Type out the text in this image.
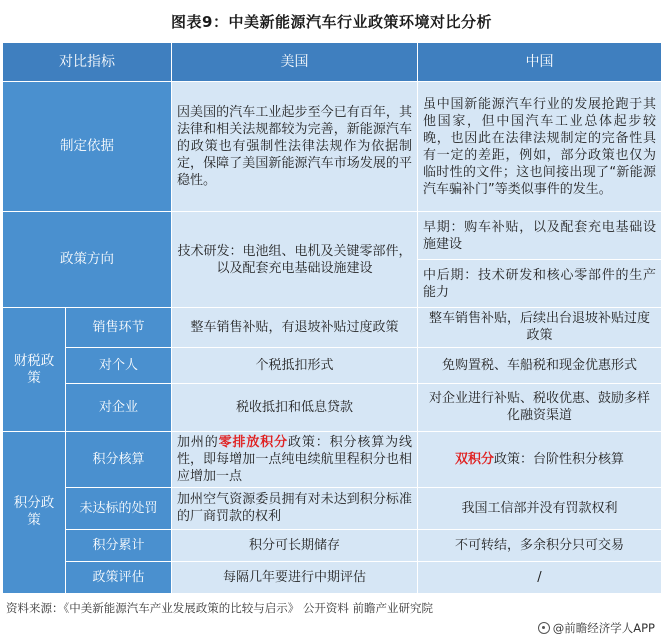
图表9：中美新能源汽车行业政策环境对比分析
对比指标		美国	中国
制定依据		因美国的汽车工业起步至今已有百年，其法律和相关法规都较为完善，新能源汽车的政策也有强制性法律法规作为依据制定，保障了美国新能源汽车市场发展的平稳性。	虽中国新能源汽车行业的发展抢跑于其他国家，但中国汽车工业总体起步较晚，也因此在法律法规制定的完备性具有一定的差距，例如，部分政策也仅为临时性的文件；这也间接出现了“新能源汽车骗补门”等类似事件的发生。
政策方向		技术研发：电池组、电机及关键零部件，以及配套充电基础设施建设	早期：购车补贴，以及配套充电基础设施建设
			中后期：技术研发和核心零部件的生产能力
财税政策	销售环节	整车销售补贴，有退坡补贴过度政策	整车销售补贴，后续出台退坡补贴过度政策
	对个人	个税抵扣形式	免购置税、车船税和现金优惠形式
	对企业	税收抵扣和低息贷款	对企业进行补贴、税收优惠、鼓励多样化融资渠道
积分政策	积分核算	加州的零排放积分政策：积分核算为线性，即每增加一点纯电续航里程积分也相应增加一点	双积分政策：台阶性积分核算
	未达标的处罚	加州空气资源委员拥有对未达到积分标准的厂商罚款的权利	我国工信部并没有罚款权利
	积分累计	积分可长期储存	不可转结，多余积分只可交易
	政策评估	每隔几年要进行中期评估	/
资料来源：《中美新能源汽车产业发展政策的比较与启示》 公开资料 前瞻产业研究院
@前瞻经济学人APP
